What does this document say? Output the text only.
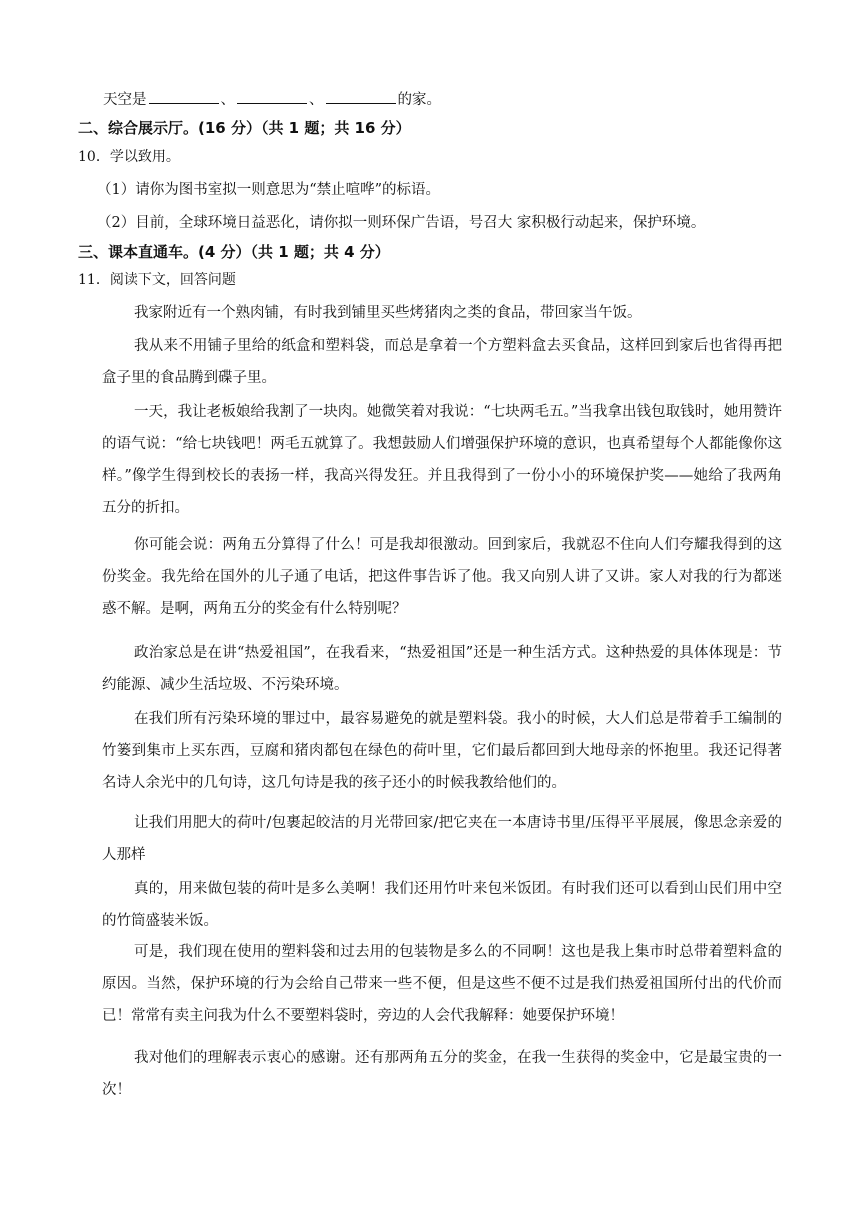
天空是	、	、	的家。
二、综合展示厅。(16 分）（共 1 题；共 16 分）
10．学以致用。
（1）请你为图书室拟一则意思为“禁止喧哗”的标语。
（2）目前，全球环境日益恶化，请你拟一则环保广告语，号召大 家积极行动起来，保护环境。
三、课本直通车。(4 分）（共 1 题；共 4 分）
11．阅读下文，回答问题
我家附近有一个熟肉铺，有时我到铺里买些烤猪肉之类的食品，带回家当午饭。
我从来不用铺子里给的纸盒和塑料袋，而总是拿着一个方塑料盒去买食品，这样回到家后也省得再把盒子里的食品腾到碟子里。
一天，我让老板娘给我割了一块肉。她微笑着对我说：“七块两毛五。”当我拿出钱包取钱时，她用赞许的语气说：“给七块钱吧！两毛五就算了。我想鼓励人们增强保护环境的意识，也真希望每个人都能像你这样。”像学生得到校长的表扬一样，我高兴得发狂。并且我得到了一份小小的环境保护奖——她给了我两角五分的折扣。
你可能会说：两角五分算得了什么！可是我却很激动。回到家后，我就忍不住向人们夸耀我得到的这份奖金。我先给在国外的儿子通了电话，把这件事告诉了他。我又向别人讲了又讲。家人对我的行为都迷惑不解。是啊，两角五分的奖金有什么特别呢？
政治家总是在讲“热爱祖国”，在我看来，“热爱祖国”还是一种生活方式。这种热爱的具体体现是：节约能源、减少生活垃圾、不污染环境。
在我们所有污染环境的罪过中，最容易避免的就是塑料袋。我小的时候，大人们总是带着手工编制的竹篓到集市上买东西，豆腐和猪肉都包在绿色的荷叶里，它们最后都回到大地母亲的怀抱里。我还记得著名诗人余光中的几句诗，这几句诗是我的孩子还小的时候我教给他们的。
让我们用肥大的荷叶/包裹起皎洁的月光带回家/把它夹在一本唐诗书里/压得平平展展，像思念亲爱的人那样
真的，用来做包装的荷叶是多么美啊！我们还用竹叶来包米饭团。有时我们还可以看到山民们用中空的竹筒盛装米饭。
可是，我们现在使用的塑料袋和过去用的包装物是多么的不同啊！这也是我上集市时总带着塑料盒的原因。当然，保护环境的行为会给自己带来一些不便，但是这些不便不过是我们热爱祖国所付出的代价而已！常常有卖主问我为什么不要塑料袋时，旁边的人会代我解释：她要保护环境！
我对他们的理解表示衷心的感谢。还有那两角五分的奖金，在我一生获得的奖金中，它是最宝贵的一次！
